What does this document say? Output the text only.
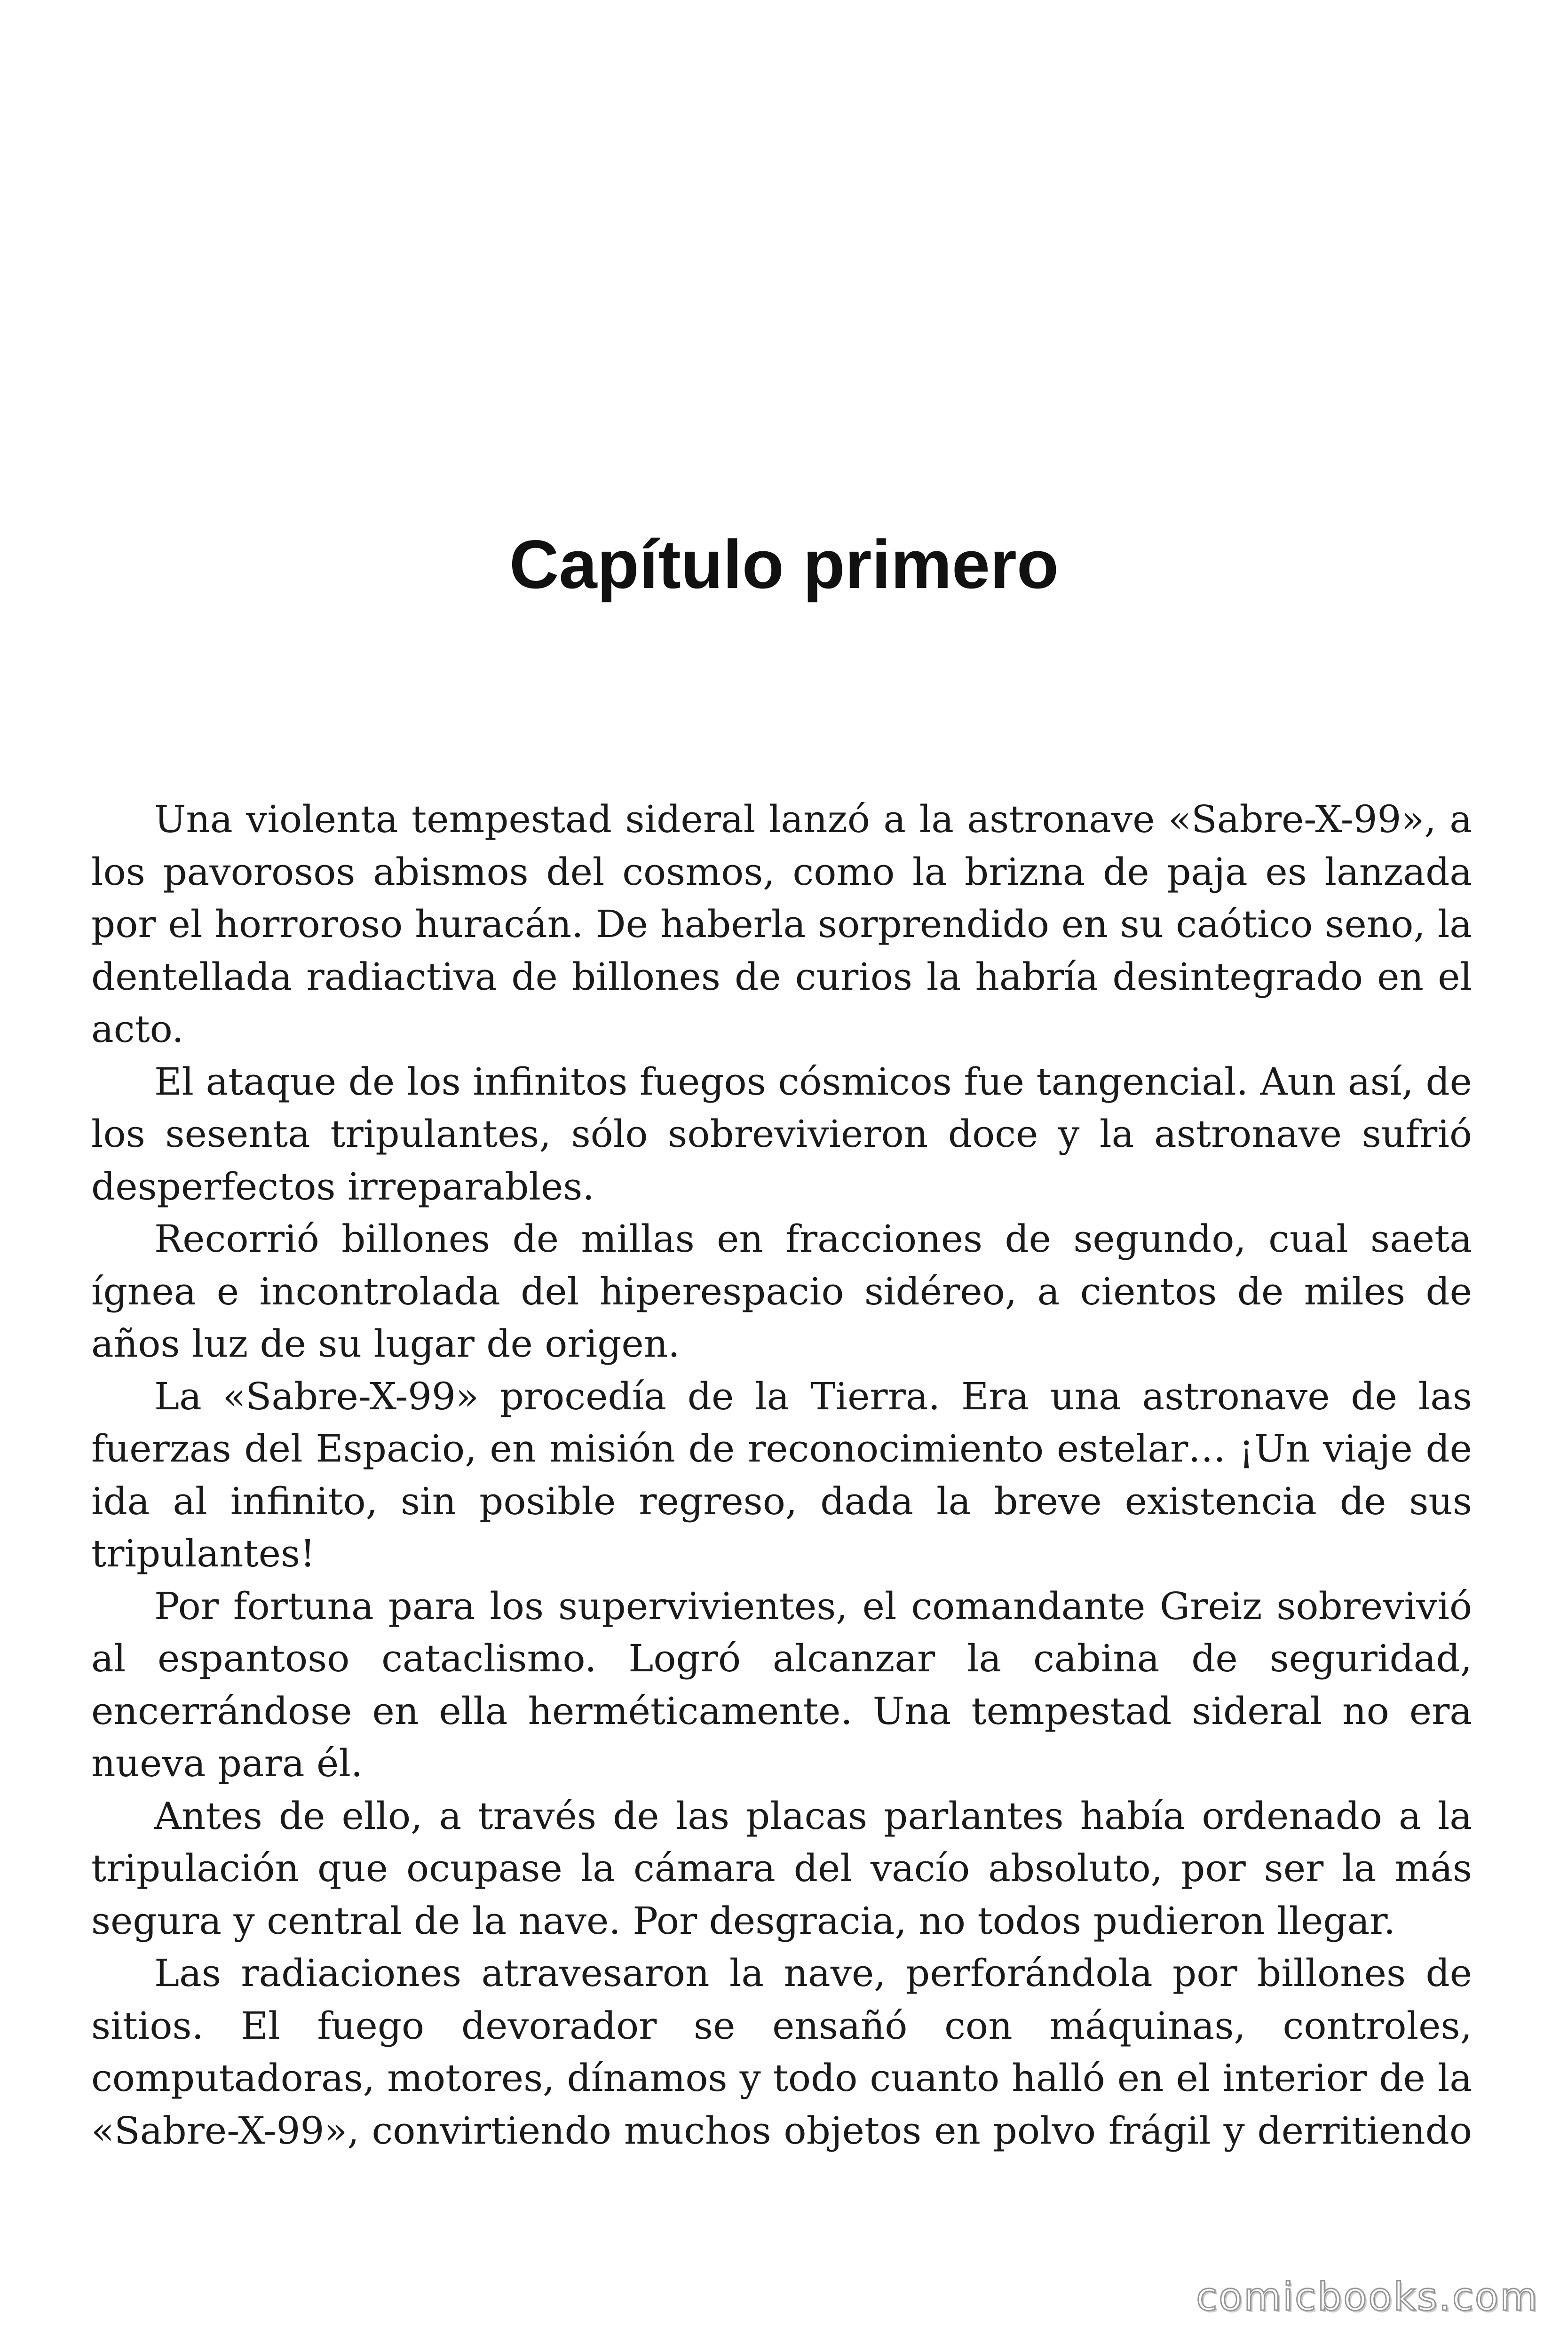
Capítulo primero

Una violenta tempestad sideral lanzó a la astronave «Sabre-X-99», a los pavorosos abismos del cosmos, como la brizna de paja es lanzada por el horroroso huracán. De haberla sorprendido en su caótico seno, la dentellada radiactiva de billones de curios la habría desintegrado en el acto.

El ataque de los infinitos fuegos cósmicos fue tangencial. Aun así, de los sesenta tripulantes, sólo sobrevivieron doce y la astronave sufrió desperfectos irreparables.

Recorrió billones de millas en fracciones de segundo, cual saeta ígnea e incontrolada del hiperespacio sidéreo, a cientos de miles de años luz de su lugar de origen.

La «Sabre-X-99» procedía de la Tierra. Era una astronave de las fuerzas del Espacio, en misión de reconocimiento estelar… ¡Un viaje de ida al infinito, sin posible regreso, dada la breve existencia de sus tripulantes!

Por fortuna para los supervivientes, el comandante Greiz sobrevivió al espantoso cataclismo. Logró alcanzar la cabina de seguridad, encerrándose en ella herméticamente. Una tempestad sideral no era nueva para él.

Antes de ello, a través de las placas parlantes había ordenado a la tripulación que ocupase la cámara del vacío absoluto, por ser la más segura y central de la nave. Por desgracia, no todos pudieron llegar.

Las radiaciones atravesaron la nave, perforándola por billones de sitios. El fuego devorador se ensañó con máquinas, controles, computadoras, motores, dínamos y todo cuanto halló en el interior de la «Sabre-X-99», convirtiendo muchos objetos en polvo frágil y derritiendo

comicbooks.com
